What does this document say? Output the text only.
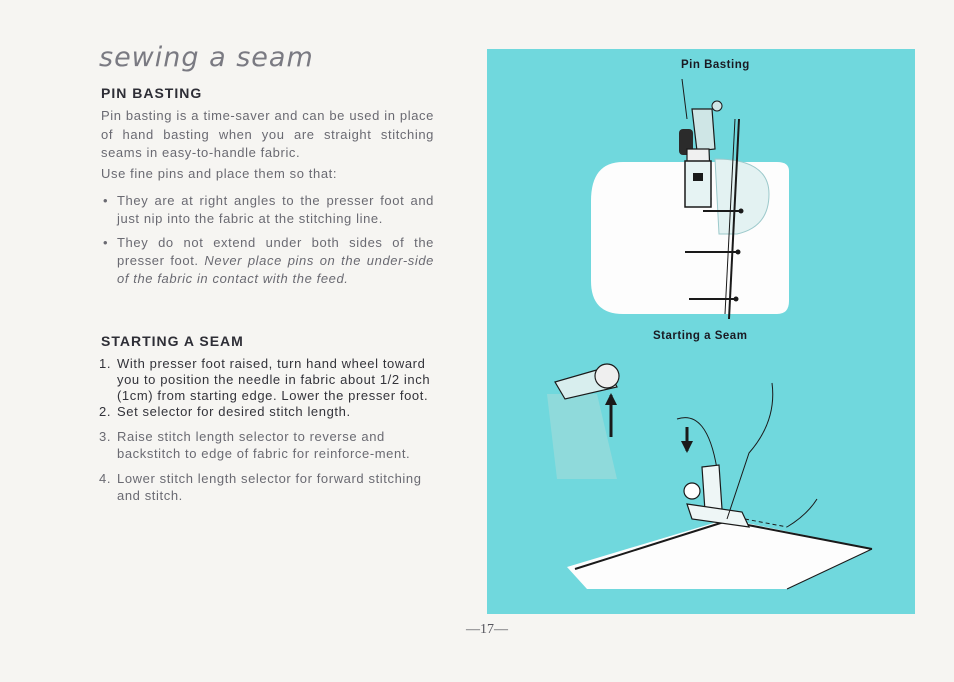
sewing a seam
PIN BASTING

Pin basting is a time-saver and can be used in place of hand basting when you are straight stitching seams in easy-to-handle fabric.

Use fine pins and place them so that:

• They are at right angles to the presser foot and just nip into the fabric at the stitching line.
• They do not extend under both sides of the presser foot. Never place pins on the under-side of the fabric in contact with the feed.
STARTING A SEAM
1. With presser foot raised, turn hand wheel toward you to position the needle in fabric about 1/2 inch (1cm) from starting edge. Lower the presser foot.
2. Set selector for desired stitch length.
3. Raise stitch length selector to reverse and backstitch to edge of fabric for reinforce-ment.
4. Lower stitch length selector for forward stitching and stitch.
—17—
Pin Basting
Starting a Seam
